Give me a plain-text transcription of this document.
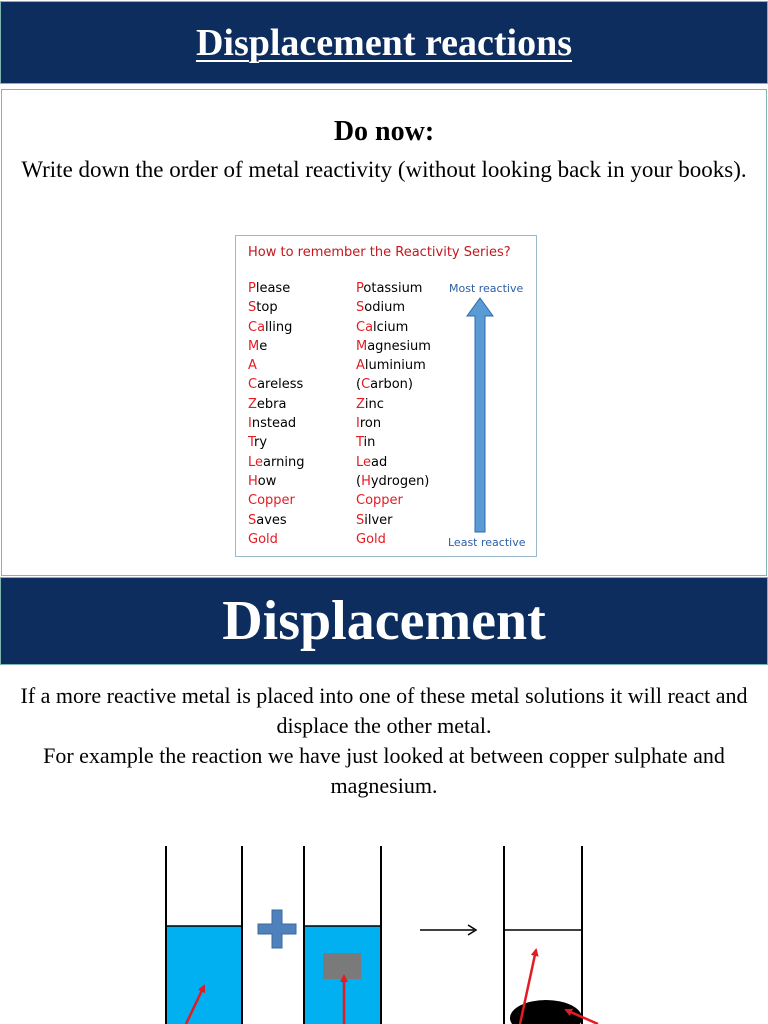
Displacement reactions
Do now:
Write down the order of metal reactivity (without looking back in your books).
How to remember the Reactivity Series?
Please
Stop
Calling
Me
A
Careless
Zebra
Instead
Try
Learning
How
Copper
Saves
Gold
Potassium
Sodium
Calcium
Magnesium
Aluminium
(Carbon)
Zinc
Iron
Tin
Lead
(Hydrogen)
Copper
Silver
Gold
Most reactive
Least reactive
Displacement
If a more reactive metal is placed into one of these metal solutions it will react and displace the other metal.
For example the reaction we have just looked at between copper sulphate and magnesium.
